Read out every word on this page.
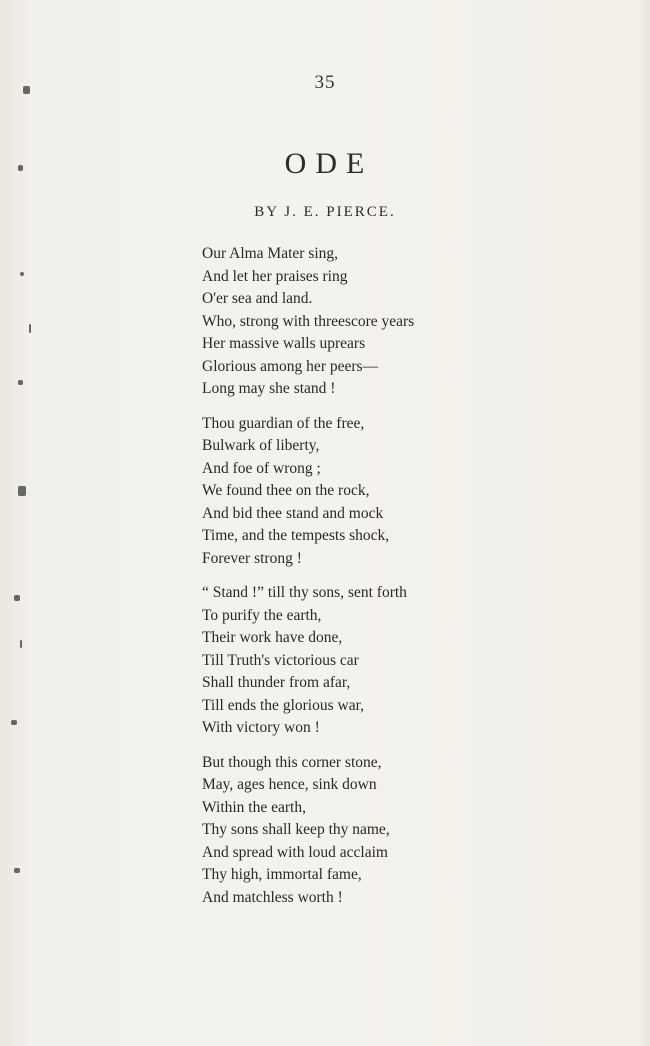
35
ODE
BY J. E. PIERCE.
Our Alma Mater sing,
And let her praises ring
O'er sea and land.
Who, strong with threescore years
Her massive walls uprears
Glorious among her peers—
Long may she stand !
Thou guardian of the free,
Bulwark of liberty,
And foe of wrong ;
We found thee on the rock,
And bid thee stand and mock
Time, and the tempests shock,
Forever strong !
“ Stand !” till thy sons, sent forth
To purify the earth,
Their work have done,
Till Truth's victorious car
Shall thunder from afar,
Till ends the glorious war,
With victory won !
But though this corner stone,
May, ages hence, sink down
Within the earth,
Thy sons shall keep thy name,
And spread with loud acclaim
Thy high, immortal fame,
And matchless worth !
